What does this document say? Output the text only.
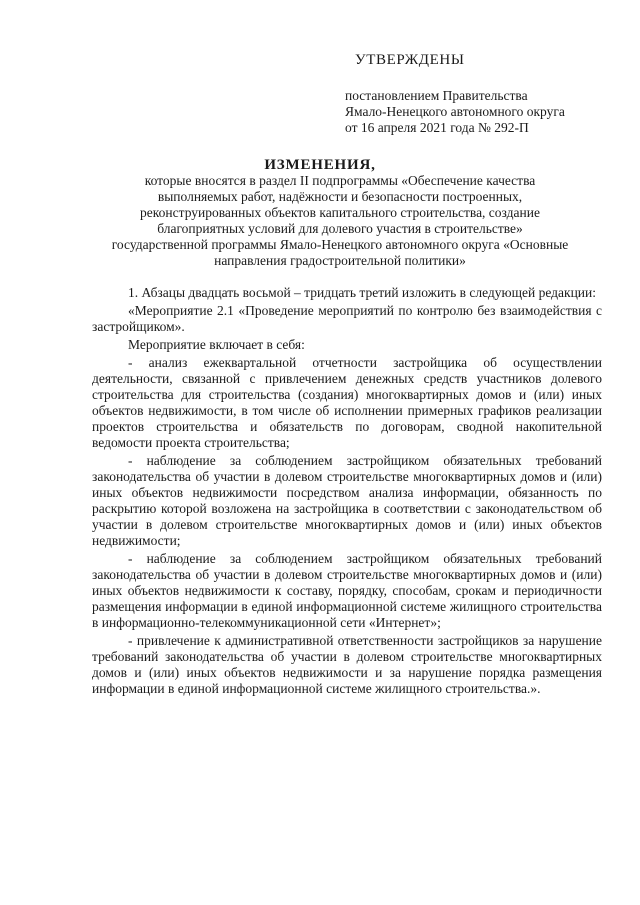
УТВЕРЖДЕНЫ
постановлением Правительства
Ямало-Ненецкого автономного округа
от 16 апреля 2021 года № 292-П
ИЗМЕНЕНИЯ,
которые вносятся в раздел II подпрограммы «Обеспечение качества
выполняемых работ, надёжности и безопасности построенных,
реконструированных объектов капитального строительства, создание
благоприятных условий для долевого участия в строительстве»
государственной программы Ямало-Ненецкого автономного округа «Основные
направления градостроительной политики»

1. Абзацы двадцать восьмой – тридцать третий изложить в следующей редакции:

«Мероприятие 2.1 «Проведение мероприятий по контролю без взаимодействия с застройщиком».

Мероприятие включает в себя:

- анализ ежеквартальной отчетности застройщика об осуществлении деятельности, связанной с привлечением денежных средств участников долевого строительства для строительства (создания) многоквартирных домов и (или) иных объектов недвижимости, в том числе об исполнении примерных графиков реализации проектов строительства и обязательств по договорам, сводной накопительной ведомости проекта строительства;

- наблюдение за соблюдением застройщиком обязательных требований законодательства об участии в долевом строительстве многоквартирных домов и (или) иных объектов недвижимости посредством анализа информации, обязанность по раскрытию которой возложена на застройщика в соответствии с законодательством об участии в долевом строительстве многоквартирных домов и (или) иных объектов недвижимости;

- наблюдение за соблюдением застройщиком обязательных требований законодательства об участии в долевом строительстве многоквартирных домов и (или) иных объектов недвижимости к составу, порядку, способам, срокам и периодичности размещения информации в единой информационной системе жилищного строительства в информационно-телекоммуникационной сети «Интернет»;

- привлечение к административной ответственности застройщиков за нарушение требований законодательства об участии в долевом строительстве многоквартирных домов и (или) иных объектов недвижимости и за нарушение порядка размещения информации в единой информационной системе жилищного строительства.».
